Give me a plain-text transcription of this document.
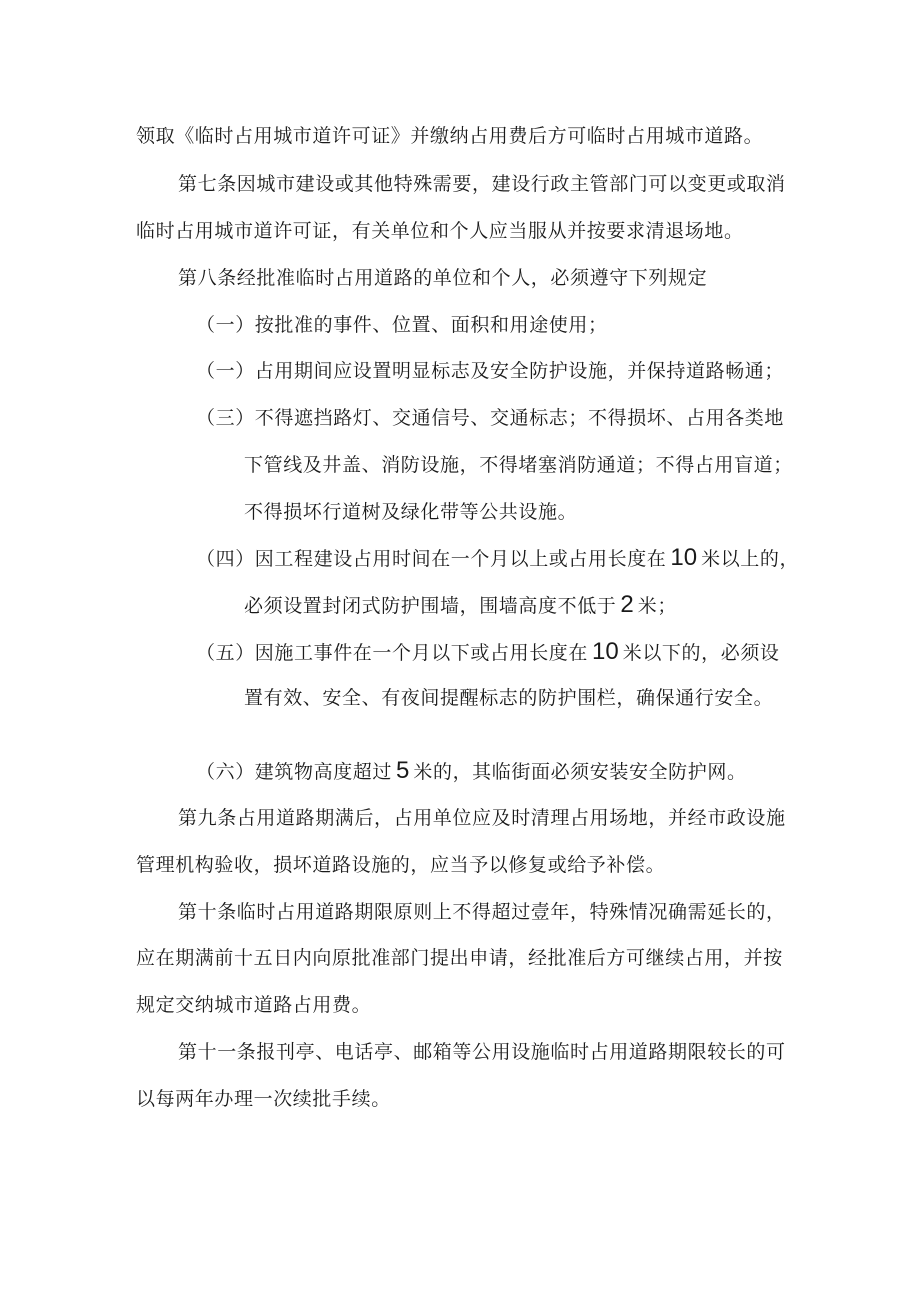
领取《临时占用城市道许可证》并缴纳占用费后方可临时占用城市道路。
第七条因城市建设或其他特殊需要，建设行政主管部门可以变更或取消
临时占用城市道许可证，有关单位和个人应当服从并按要求清退场地。
第八条经批准临时占用道路的单位和个人，必须遵守下列规定
（一）按批准的事件、位置、面积和用途使用；
（一）占用期间应设置明显标志及安全防护设施，并保持道路畅通；
（三）不得遮挡路灯、交通信号、交通标志；不得损坏、占用各类地
下管线及井盖、消防设施，不得堵塞消防通道；不得占用盲道；
不得损坏行道树及绿化带等公共设施。
（四）因工程建设占用时间在一个月以上或占用长度在 10 米以上的，
必须设置封闭式防护围墙，围墙高度不低于 2 米；
（五）因施工事件在一个月以下或占用长度在 10 米以下的，必须设
置有效、安全、有夜间提醒标志的防护围栏，确保通行安全。
（六）建筑物高度超过 5 米的，其临街面必须安装安全防护网。
第九条占用道路期满后，占用单位应及时清理占用场地，并经市政设施
管理机构验收，损坏道路设施的，应当予以修复或给予补偿。
第十条临时占用道路期限原则上不得超过壹年，特殊情况确需延长的，
应在期满前十五日内向原批准部门提出申请，经批准后方可继续占用，并按
规定交纳城市道路占用费。
第十一条报刊亭、电话亭、邮箱等公用设施临时占用道路期限较长的可
以每两年办理一次续批手续。
